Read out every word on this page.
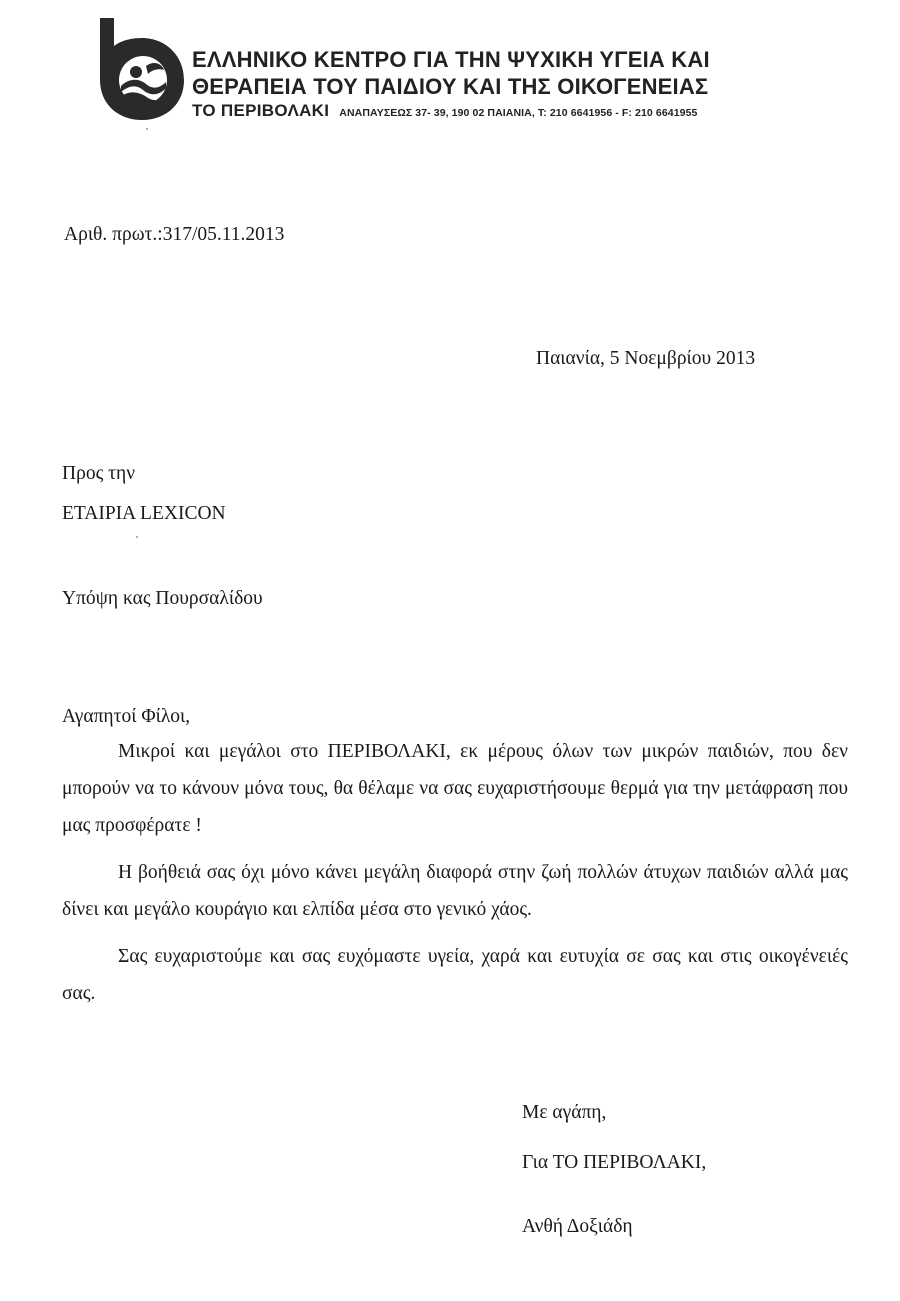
ΕΛΛΗΝΙΚΟ ΚΕΝΤΡΟ ΓΙΑ ΤΗΝ ΨΥΧΙΚΗ ΥΓΕΙΑ ΚΑΙ
ΘΕΡΑΠΕΙΑ ΤΟΥ ΠΑΙΔΙΟΥ ΚΑΙ ΤΗΣ ΟΙΚΟΓΕΝΕΙΑΣ
ΤΟ ΠΕΡΙΒΟΛΑΚΙ ΑΝΑΠΑΥΣΕΩΣ 37- 39, 190 02 ΠΑΙΑΝΙΑ, Τ: 210 6641956 - F: 210 6641955
Αριθ. πρωτ.:317/05.11.2013
Παιανία, 5 Νοεμβρίου 2013
Προς την
ΕΤΑΙΡΙΑ LEXICON
Υπόψη κας Πουρσαλίδου
Αγαπητοί Φίλοι,

Μικροί και μεγάλοι στο ΠΕΡΙΒΟΛΑΚΙ, εκ μέρους όλων των μικρών παιδιών, που δεν μπορούν να το κάνουν μόνα τους, θα θέλαμε να σας ευχαριστήσουμε θερμά για την μετάφραση που μας προσφέρατε !

Η βοήθειά σας όχι μόνο κάνει μεγάλη διαφορά στην ζωή πολλών άτυχων παιδιών αλλά μας δίνει και μεγάλο κουράγιο και ελπίδα μέσα στο γενικό χάος.

Σας ευχαριστούμε και σας ευχόμαστε υγεία, χαρά και ευτυχία σε σας και στις οικογένειές σας.

Με αγάπη,
Για ΤΟ ΠΕΡΙΒΟΛΑΚΙ,
Ανθή Δοξιάδη
